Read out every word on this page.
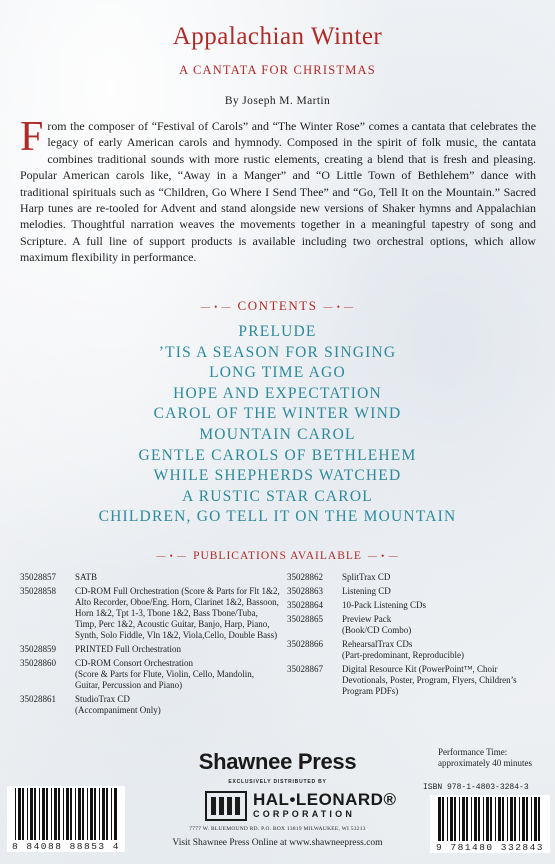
Appalachian Winter
A CANTATA FOR CHRISTMAS
By Joseph M. Martin

From the composer of “Festival of Carols” and “The Winter Rose” comes a cantata that celebrates the legacy of early American carols and hymnody. Composed in the spirit of folk music, the cantata combines traditional sounds with more rustic elements, creating a blend that is fresh and pleasing. Popular American carols like, “Away in a Manger” and “O Little Town of Bethlehem” dance with traditional spirituals such as “Children, Go Where I Send Thee” and “Go, Tell It on the Mountain.” Sacred Harp tunes are re-tooled for Advent and stand alongside new versions of Shaker hymns and Appalachian melodies. Thoughtful narration weaves the movements together in a meaningful tapestry of song and Scripture. A full line of support products is available including two orchestral options, which allow maximum flexibility in performance.

— • — CONTENTS — • —
PRELUDE
’TIS A SEASON FOR SINGING
LONG TIME AGO
HOPE AND EXPECTATION
CAROL OF THE WINTER WIND
MOUNTAIN CAROL
GENTLE CAROLS OF BETHLEHEM
WHILE SHEPHERDS WATCHED
A RUSTIC STAR CAROL
CHILDREN, GO TELL IT ON THE MOUNTAIN
— • — PUBLICATIONS AVAILABLE — • —
35028857	SATB
35028858	CD-ROM Full Orchestration (Score & Parts for Flt 1&2, Alto Recorder, Oboe/Eng. Horn, Clarinet 1&2, Bassoon, Horn 1&2, Tpt 1-3, Tbone 1&2, Bass Tbone/Tuba, Timp, Perc 1&2, Acoustic Guitar, Banjo, Harp, Piano, Synth, Solo Fiddle, Vln 1&2, Viola,Cello, Double Bass)
35028859	PRINTED Full Orchestration
35028860	CD-ROM Consort Orchestration
(Score & Parts for Flute, Violin, Cello, Mandolin, Guitar, Percussion and Piano)
35028861	StudioTrax CD
(Accompaniment Only)
35028862	SplitTrax CD
35028863	Listening CD
35028864	10-Pack Listening CDs
35028865	Preview Pack
(Book/CD Combo)
35028866	RehearsalTrax CDs
(Part-predominant, Reproducible)
35028867	Digital Resource Kit (PowerPoint™, Choir Devotionals, Poster, Program, Flyers, Children’s Program PDFs)
Performance Time:
approximately 40 minutes
Shawnee Press
EXCLUSIVELY DISTRIBUTED BY
HAL•LEONARD®
CORPORATION
7777 W. BLUEMOUND RD. P.O. BOX 13819 MILWAUKEE, WI 53213
Visit Shawnee Press Online at www.shawneepress.com
ISBN 978-1-4803-3284-3
8 84088 88853 4	9 781480 332843
